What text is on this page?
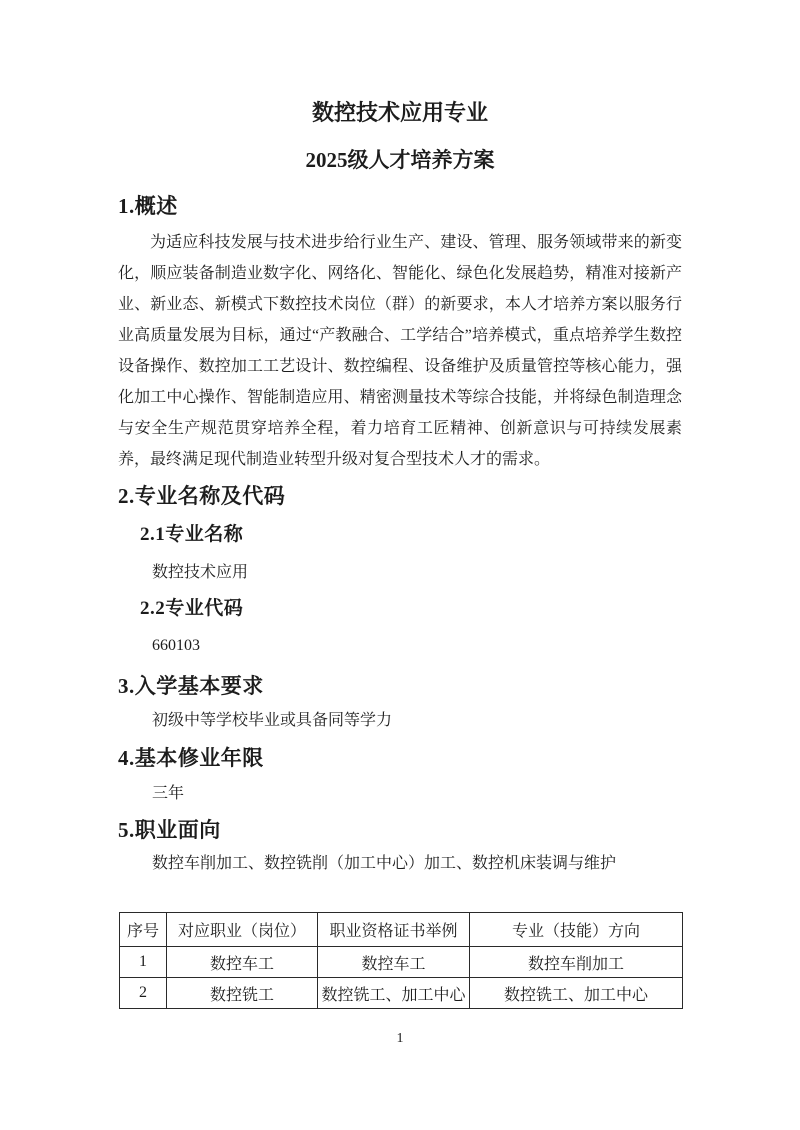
数控技术应用专业
2025级人才培养方案
1.概述
为适应科技发展与技术进步给行业生产、建设、管理、服务领域带来的新变化，顺应装备制造业数字化、网络化、智能化、绿色化发展趋势，精准对接新产业、新业态、新模式下数控技术岗位（群）的新要求，本人才培养方案以服务行业高质量发展为目标，通过“产教融合、工学结合”培养模式，重点培养学生数控设备操作、数控加工工艺设计、数控编程、设备维护及质量管控等核心能力，强化加工中心操作、智能制造应用、精密测量技术等综合技能，并将绿色制造理念与安全生产规范贯穿培养全程，着力培育工匠精神、创新意识与可持续发展素养，最终满足现代制造业转型升级对复合型技术人才的需求。
2.专业名称及代码
2.1专业名称
数控技术应用
2.2专业代码
660103
3.入学基本要求
初级中等学校毕业或具备同等学力
4.基本修业年限
三年
5.职业面向
数控车削加工、数控铣削（加工中心）加工、数控机床装调与维护
序号	对应职业（岗位）	职业资格证书举例	专业（技能）方向
1	数控车工	数控车工	数控车削加工
2	数控铣工	数控铣工、加工中心	数控铣工、加工中心
1
